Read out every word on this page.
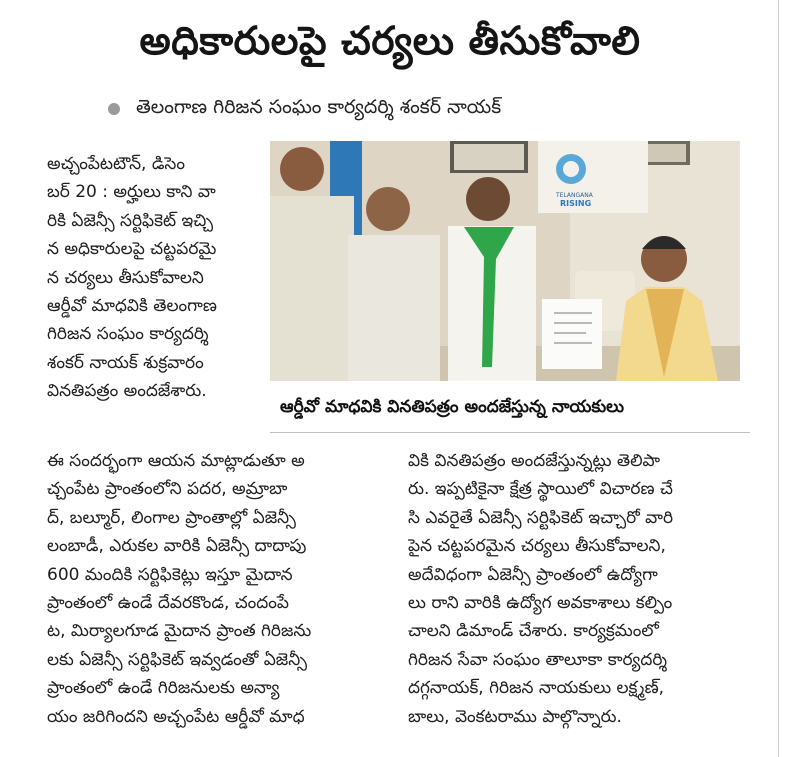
అధికారులపై చర్యలు తీసుకోవాలి
తెలంగాణ గిరిజన సంఘం కార్యదర్శి శంకర్ నాయక్
అచ్చంపేటటౌన్, డిసెం
బర్ 20 : అర్హులు కాని వా
రికి ఏజెన్సీ సర్టిఫికెట్ ఇచ్చి
న అధికారులపై చట్టపరమై
న చర్యలు తీసుకోవాలని
ఆర్డీవో మాధవికి తెలంగాణ
గిరిజన సంఘం కార్యదర్శి
శంకర్ నాయక్ శుక్రవారం
వినతిపత్రం అందజేశారు.
TELANGANA
RISING
ఆర్డీవో మాధవికి వినతిపత్రం అందజేస్తున్న నాయకులు
ఈ సందర్భంగా ఆయన మాట్లాడుతూ అ
చ్చంపేట ప్రాంతంలోని పదర, అమ్రాబా
ద్, బల్మూర్, లింగాల ప్రాంతాల్లో ఏజెన్సీ
లంబాడీ, ఎరుకల వారికి ఏజెన్సీ దాదాపు
600 మందికి సర్టిఫికెట్లు ఇస్తూ మైదాన
ప్రాంతంలో ఉండే దేవరకొండ, చందంపే
ట, మిర్యాలగూడ మైదాన ప్రాంత గిరిజను
లకు ఏజెన్సీ సర్టిఫికెట్ ఇవ్వడంతో ఏజెన్సీ
ప్రాంతంలో ఉండే గిరిజనులకు అన్యా
యం జరిగిందని అచ్చంపేట ఆర్డీవో మాధ
వికి వినతిపత్రం అందజేస్తున్నట్లు తెలిపా
రు. ఇప్పటికైనా క్షేత్ర స్థాయిలో విచారణ చే
సి ఎవరైతే ఏజెన్సీ సర్టిఫికెట్ ఇచ్చారో వారి
పైన చట్టపరమైన చర్యలు తీసుకోవాలని,
అదేవిధంగా ఏజెన్సీ ప్రాంతంలో ఉద్యోగా
లు రాని వారికి ఉద్యోగ అవకాశాలు కల్పిం
చాలని డిమాండ్ చేశారు. కార్యక్రమంలో
గిరిజన సేవా సంఘం తాలూకా కార్యదర్శి
దగ్గనాయక్, గిరిజన నాయకులు లక్ష్మణ్,
బాలు, వెంకటరాము పాల్గొన్నారు.
